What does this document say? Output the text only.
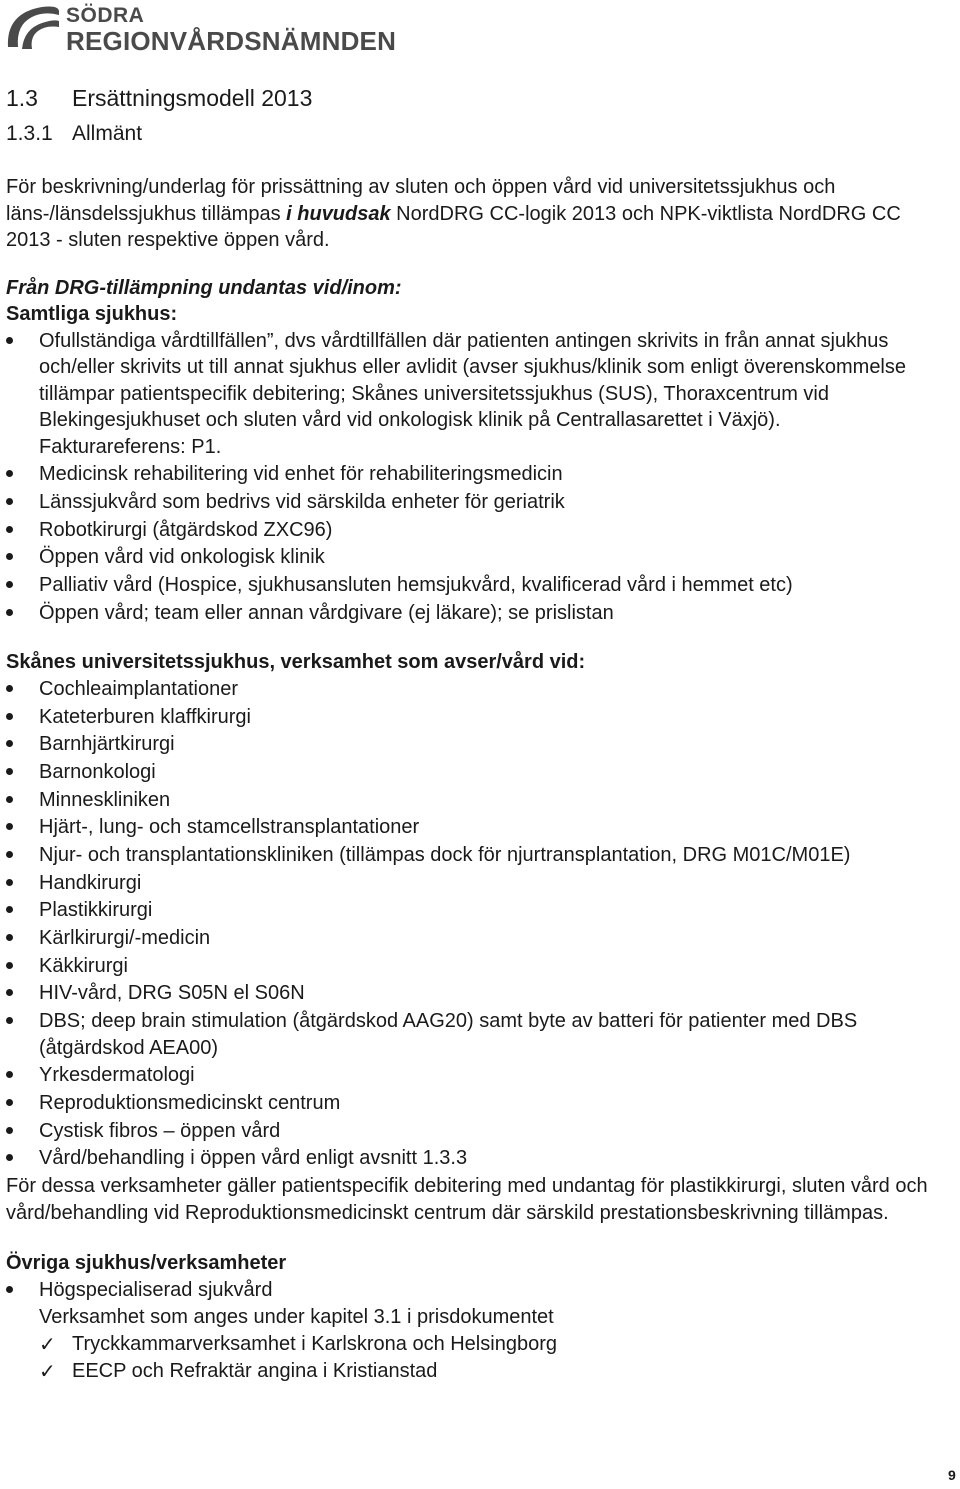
SÖDRA
REGIONVÅRDSNÄMNDEN
1.3 Ersättningsmodell 2013
1.3.1 Allmänt

För beskrivning/underlag för prissättning av sluten och öppen vård vid universitetssjukhus och läns-/länsdelssjukhus tillämpas i huvudsak NordDRG CC-logik 2013 och NPK-viktlista NordDRG CC 2013 - sluten respektive öppen vård.

Från DRG-tillämpning undantas vid/inom:

Samtliga sjukhus:

Ofullständiga vårdtillfällen”, dvs vårdtillfällen där patienten antingen skrivits in från annat sjukhus och/eller skrivits ut till annat sjukhus eller avlidit (avser sjukhus/klinik som enligt överenskommelse tillämpar patientspecifik debitering; Skånes universitetssjukhus (SUS), Thoraxcentrum vid Blekingesjukhuset och sluten vård vid onkologisk klinik på Centrallasarettet i Växjö).
Fakturareferens: P1.
Medicinsk rehabilitering vid enhet för rehabiliteringsmedicin
Länssjukvård som bedrivs vid särskilda enheter för geriatrik
Robotkirurgi (åtgärdskod ZXC96)
Öppen vård vid onkologisk klinik
Palliativ vård (Hospice, sjukhusansluten hemsjukvård, kvalificerad vård i hemmet etc)
Öppen vård; team eller annan vårdgivare (ej läkare); se prislistan

Skånes universitetssjukhus, verksamhet som avser/vård vid:

Cochleaimplantationer
Kateterburen klaffkirurgi
Barnhjärtkirurgi
Barnonkologi
Minneskliniken
Hjärt-, lung- och stamcellstransplantationer
Njur- och transplantationskliniken (tillämpas dock för njurtransplantation, DRG M01C/M01E)
Handkirurgi
Plastikkirurgi
Kärlkirurgi/-medicin
Käkkirurgi
HIV-vård, DRG S05N el S06N
DBS; deep brain stimulation (åtgärdskod AAG20) samt byte av batteri för patienter med DBS (åtgärdskod AEA00)
Yrkesdermatologi
Reproduktionsmedicinskt centrum
Cystisk fibros – öppen vård
Vård/behandling i öppen vård enligt avsnitt 1.3.3

För dessa verksamheter gäller patientspecifik debitering med undantag för plastikkirurgi, sluten vård och vård/behandling vid Reproduktionsmedicinskt centrum där särskild prestationsbeskrivning tillämpas.

Övriga sjukhus/verksamheter

Högspecialiserad sjukvård
Verksamhet som anges under kapitel 3.1 i prisdokumentet
✓ Tryckkammarverksamhet i Karlskrona och Helsingborg
✓ EECP och Refraktär angina i Kristianstad
9
